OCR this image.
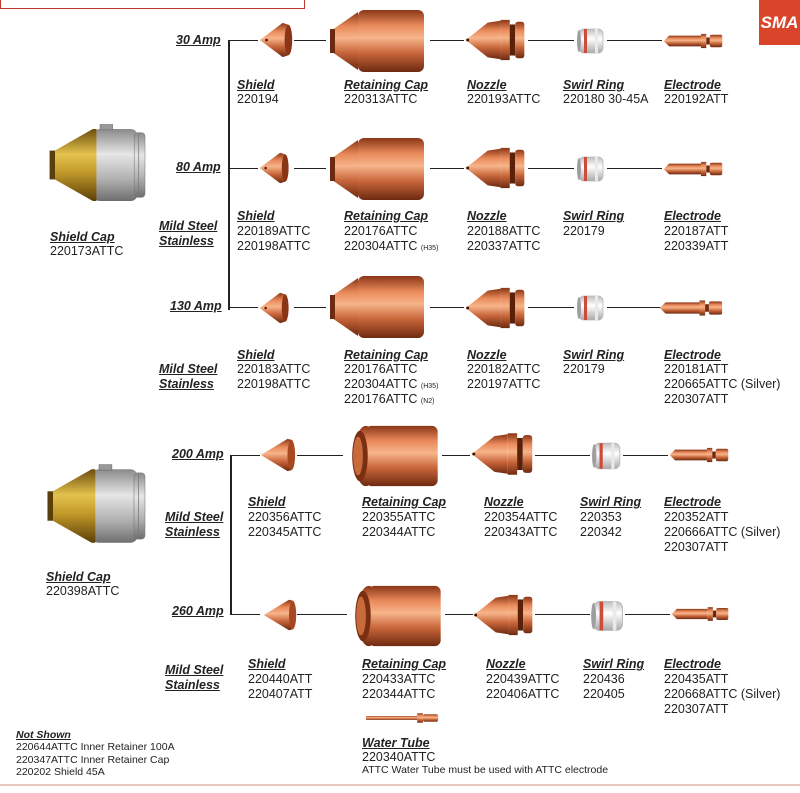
SMA
Shield Cap
220173ATTC
30 Amp
Shield
220194
Retaining Cap
220313ATTC
Nozzle
220193ATTC
Swirl Ring
220180 30-45A
Electrode
220192ATT
80 Amp
Mild Steel
Stainless
Shield
220189ATTC
220198ATTC
Retaining Cap
220176ATTC
220304ATTC (H35)
Nozzle
220188ATTC
220337ATTC
Swirl Ring
220179
Electrode
220187ATT
220339ATT
130 Amp
Mild Steel
Stainless
Shield
220183ATTC
220198ATTC
Retaining Cap
220176ATTC
220304ATTC (H35)
220176ATTC (N2)
Nozzle
220182ATTC
220197ATTC
Swirl Ring
220179
Electrode
220181ATT
220665ATTC (Silver)
220307ATT
Shield Cap
220398ATTC
200 Amp
Mild Steel
Stainless
Shield
220356ATTC
220345ATTC
Retaining Cap
220355ATTC
220344ATTC
Nozzle
220354ATTC
220343ATTC
Swirl Ring
220353
220342
Electrode
220352ATT
220666ATTC (Silver)
220307ATT
260 Amp
Mild Steel
Stainless
Shield
220440ATT
220407ATT
Retaining Cap
220433ATTC
220344ATTC
Nozzle
220439ATTC
220406ATTC
Swirl Ring
220436
220405
Electrode
220435ATT
220668ATTC (Silver)
220307ATT
Water Tube
220340ATTC
ATTC Water Tube must be used with ATTC electrode
Not Shown
220644ATTC Inner Retainer 100A
220347ATTC Inner Retainer Cap
220202 Shield 45A
